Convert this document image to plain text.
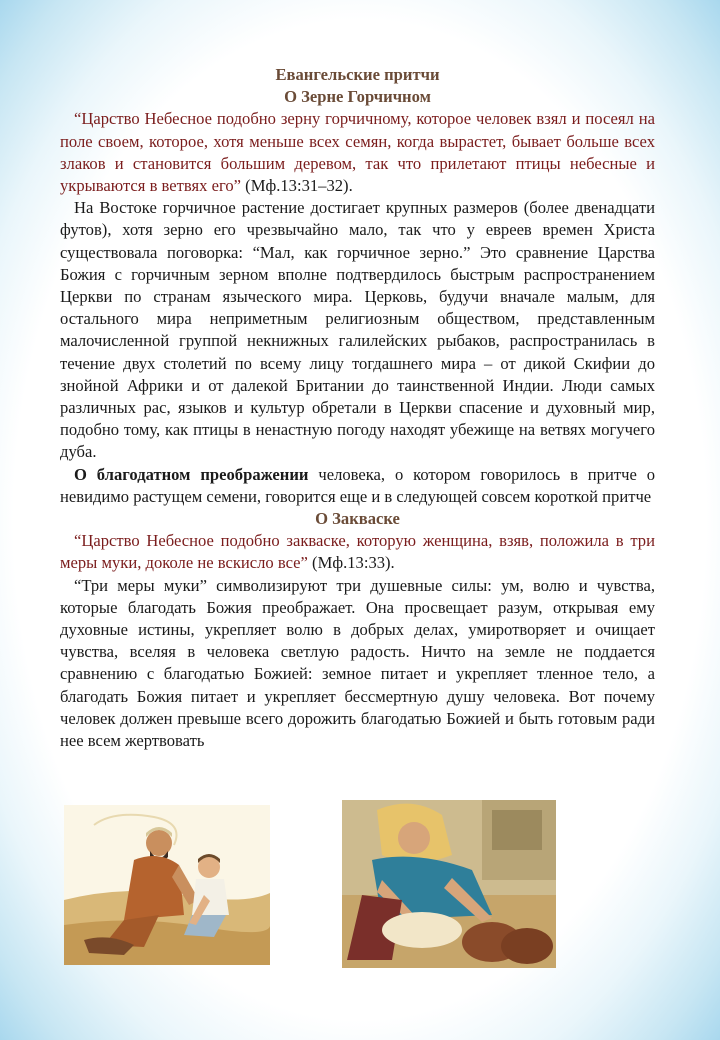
Евангельские притчи
О Зерне Горчичном

“Царство Небесное подобно зерну горчичному, которое человек взял и посеял на поле своем, которое, хотя меньше всех семян, когда вырастет, бывает больше всех злаков и становится большим деревом, так что прилетают птицы небесные и укрываются в ветвях его” (Мф.13:31–32).

На Востоке горчичное растение достигает крупных размеров (более двенадцати футов), хотя зерно его чрезвычайно мало, так что у евреев времен Христа существовала поговорка: “Мал, как горчичное зерно.” Это сравнение Царства Божия с горчичным зерном вполне подтвердилось быстрым распространением Церкви по странам языческого мира. Церковь, будучи вначале малым, для остального мира неприметным религиозным обществом, представленным малочисленной группой некнижных галилейских рыбаков, распространилась в течение двух столетий по всему лицу тогдашнего мира – от дикой Скифии до знойной Африки и от далекой Британии до таинственной Индии. Люди самых различных рас, языков и культур обретали в Церкви спасение и духовный мир, подобно тому, как птицы в ненастную погоду находят убежище на ветвях могучего дуба.

О благодатном преображении человека, о котором говорилось в притче о невидимо растущем семени, говорится еще и в следующей совсем короткой притче

О Закваске

“Царство Небесное подобно закваске, которую женщина, взяв, положила в три меры муки, доколе не вскисло все” (Мф.13:33).

“Три меры муки” символизируют три душевные силы: ум, волю и чувства, которые благодать Божия преображает. Она просвещает разум, открывая ему духовные истины, укрепляет волю в добрых делах, умиротворяет и очищает чувства, вселяя в человека светлую радость. Ничто на земле не поддается сравнению с благодатью Божией: земное питает и укрепляет тленное тело, а благодать Божия питает и укрепляет бессмертную душу человека. Вот почему человек должен превыше всего дорожить благодатью Божией и быть готовым ради нее всем жертвовать
